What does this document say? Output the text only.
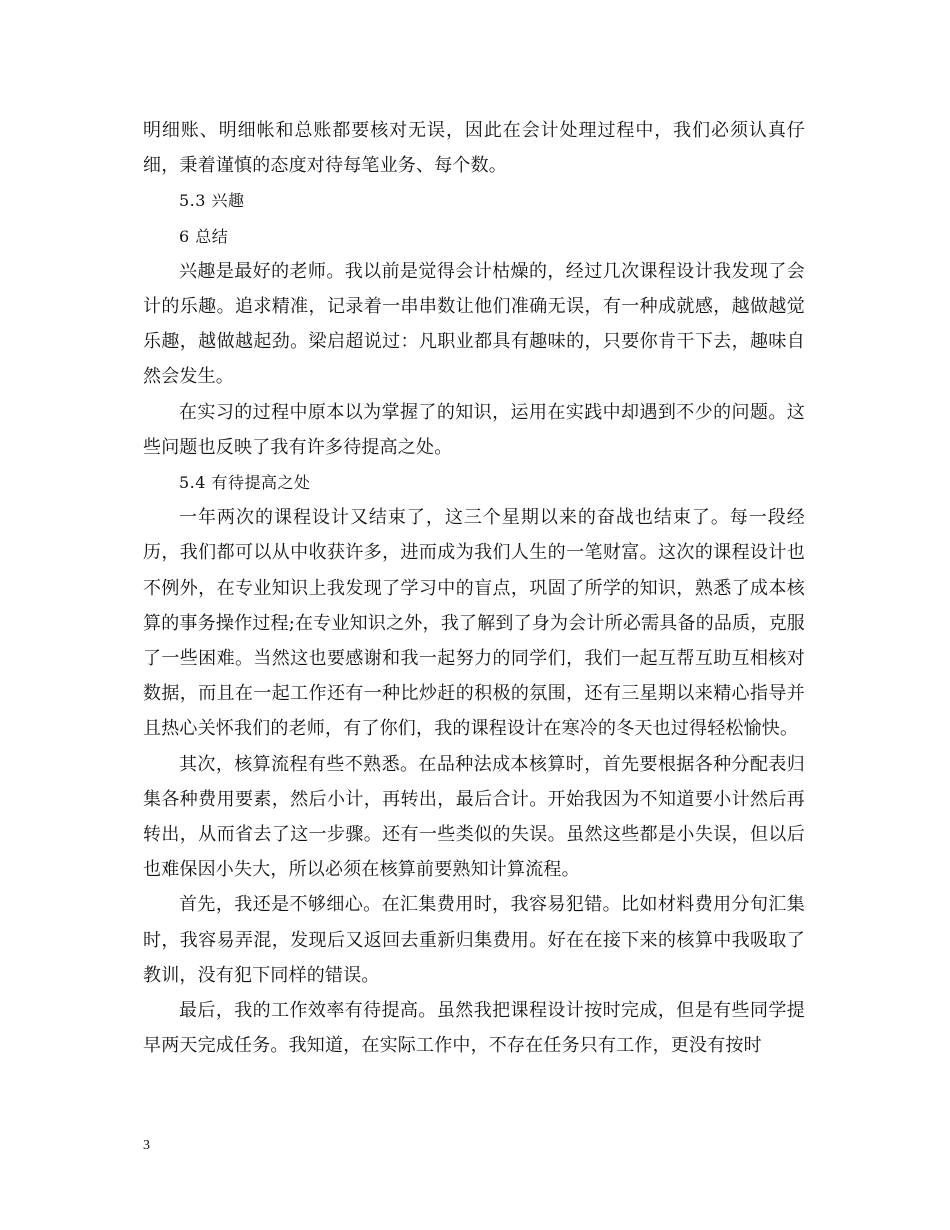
明细账、明细帐和总账都要核对无误，因此在会计处理过程中，我们必须认真仔细，秉着谨慎的态度对待每笔业务、每个数。

5.3 兴趣

6 总结

兴趣是最好的老师。我以前是觉得会计枯燥的，经过几次课程设计我发现了会计的乐趣。追求精准，记录着一串串数让他们准确无误，有一种成就感，越做越觉乐趣，越做越起劲。梁启超说过：凡职业都具有趣味的，只要你肯干下去，趣味自然会发生。

在实习的过程中原本以为掌握了的知识，运用在实践中却遇到不少的问题。这些问题也反映了我有许多待提高之处。

5.4 有待提高之处

一年两次的课程设计又结束了，这三个星期以来的奋战也结束了。每一段经历，我们都可以从中收获许多，进而成为我们人生的一笔财富。这次的课程设计也不例外，在专业知识上我发现了学习中的盲点，巩固了所学的知识，熟悉了成本核算的事务操作过程;在专业知识之外，我了解到了身为会计所必需具备的品质，克服了一些困难。当然这也要感谢和我一起努力的同学们，我们一起互帮互助互相核对数据，而且在一起工作还有一种比炒赶的积极的氛围，还有三星期以来精心指导并且热心关怀我们的老师，有了你们，我的课程设计在寒冷的冬天也过得轻松愉快。

其次，核算流程有些不熟悉。在品种法成本核算时，首先要根据各种分配表归集各种费用要素，然后小计，再转出，最后合计。开始我因为不知道要小计然后再转出，从而省去了这一步骤。还有一些类似的失误。虽然这些都是小失误，但以后也难保因小失大，所以必须在核算前要熟知计算流程。

首先，我还是不够细心。在汇集费用时，我容易犯错。比如材料费用分旬汇集时，我容易弄混，发现后又返回去重新归集费用。好在在接下来的核算中我吸取了教训，没有犯下同样的错误。

最后，我的工作效率有待提高。虽然我把课程设计按时完成，但是有些同学提早两天完成任务。我知道，在实际工作中，不存在任务只有工作，更没有按时

3
